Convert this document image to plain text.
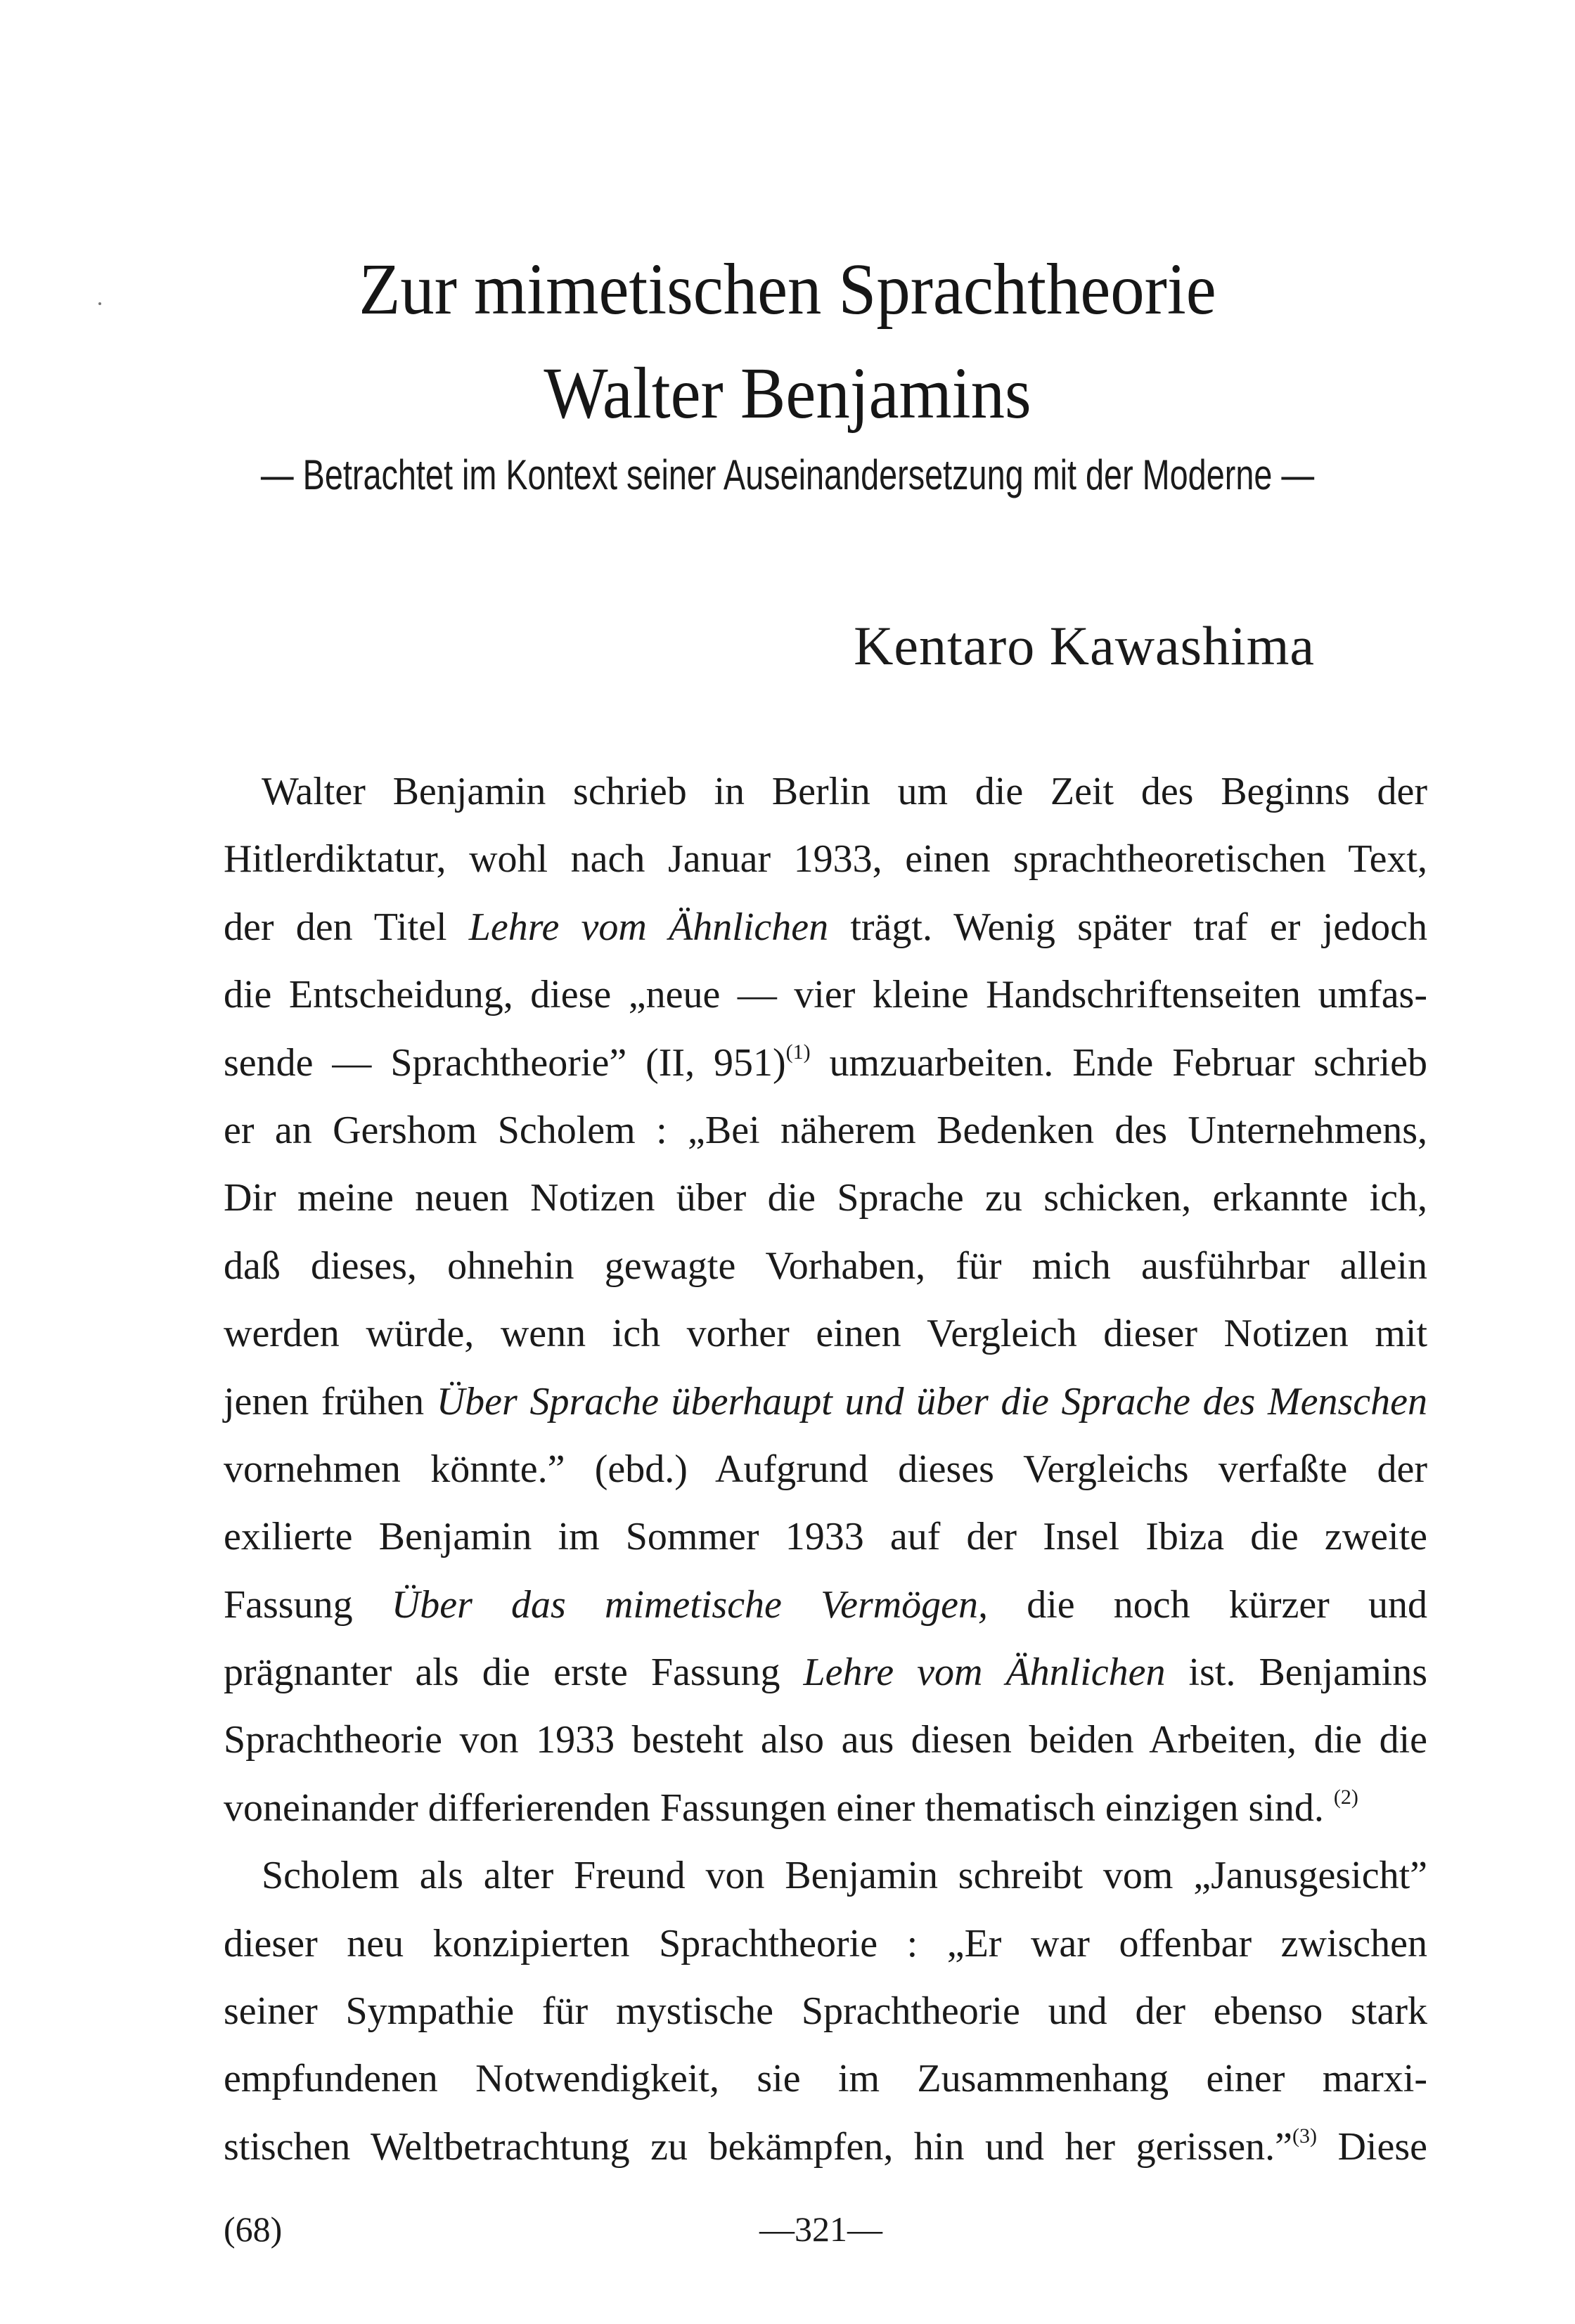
Zur mimetischen Sprachtheorie
Walter Benjamins
— Betrachtet im Kontext seiner Auseinandersetzung mit der Moderne —
Kentaro Kawashima
Walter Benjamin schrieb in Berlin um die Zeit des Beginns der
Hitlerdiktatur, wohl nach Januar 1933, einen sprachtheoretischen Text,
der den Titel Lehre vom Ähnlichen trägt. Wenig später traf er jedoch
die Entscheidung, diese „neue — vier kleine Handschriftenseiten umfas-
sende — Sprachtheorie” (II, 951)$^{(1)}$ umzuarbeiten. Ende Februar schrieb
er an Gershom Scholem : „Bei näherem Bedenken des Unternehmens,
Dir meine neuen Notizen über die Sprache zu schicken, erkannte ich,
daß dieses, ohnehin gewagte Vorhaben, für mich ausführbar allein
werden würde, wenn ich vorher einen Vergleich dieser Notizen mit
jenen frühen Über Sprache überhaupt und über die Sprache des Menschen
vornehmen könnte.” (ebd.) Aufgrund dieses Vergleichs verfaßte der
exilierte Benjamin im Sommer 1933 auf der Insel Ibiza die zweite
Fassung Über das mimetische Vermögen, die noch kürzer und
prägnanter als die erste Fassung Lehre vom Ähnlichen ist. Benjamins
Sprachtheorie von 1933 besteht also aus diesen beiden Arbeiten, die die
voneinander differierenden Fassungen einer thematisch einzigen sind. $^{(2)}$
Scholem als alter Freund von Benjamin schreibt vom „Janusgesicht”
dieser neu konzipierten Sprachtheorie : „Er war offenbar zwischen
seiner Sympathie für mystische Sprachtheorie und der ebenso stark
empfundenen Notwendigkeit, sie im Zusammenhang einer marxi-
stischen Weltbetrachtung zu bekämpfen, hin und her gerissen.”$^{(3)}$ Diese
(68)	—321—
